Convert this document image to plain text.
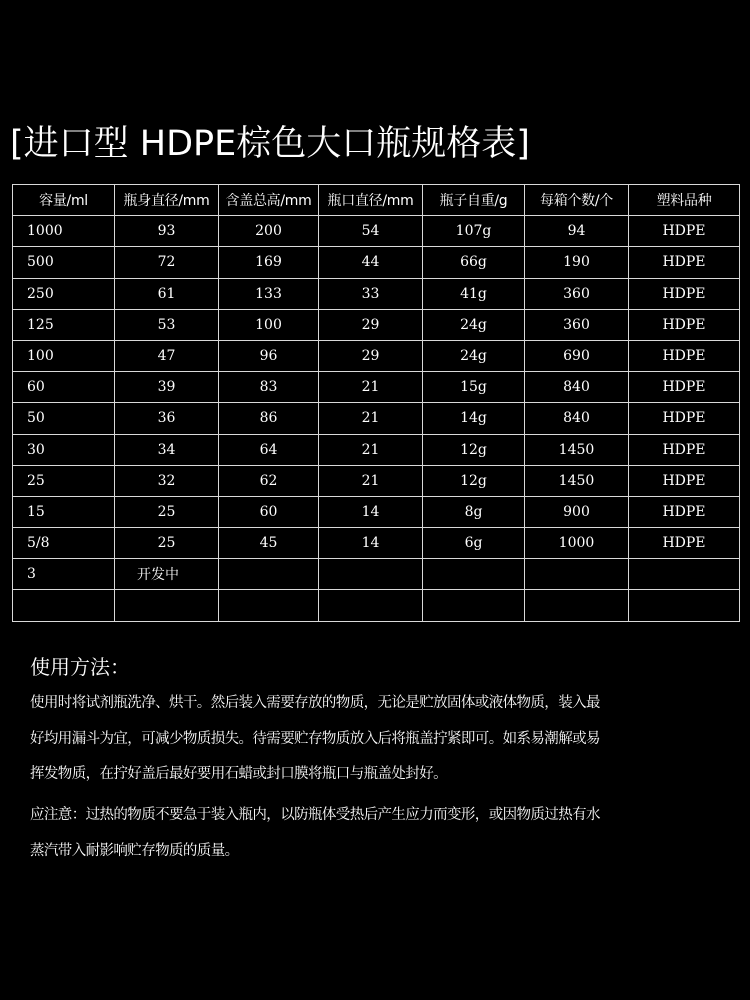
[进口型 HDPE棕色大口瓶规格表]
容量/ml	瓶身直径/mm	含盖总高/mm	瓶口直径/mm	瓶子自重/g	每箱个数/个	塑料品种
1000	93	200	54	107g	94	HDPE
500	72	169	44	66g	190	HDPE
250	61	133	33	41g	360	HDPE
125	53	100	29	24g	360	HDPE
100	47	96	29	24g	690	HDPE
60	39	83	21	15g	840	HDPE
50	36	86	21	14g	840	HDPE
30	34	64	21	12g	1450	HDPE
25	32	62	21	12g	1450	HDPE
15	25	60	14	8g	900	HDPE
5/8	25	45	14	6g	1000	HDPE
3	开发中					

使用方法：

使用时将试剂瓶洗净、烘干。然后装入需要存放的物质，无论是贮放固体或液体物质，装入最
好均用漏斗为宜，可减少物质损失。待需要贮存物质放入后将瓶盖拧紧即可。如系易潮解或易
挥发物质，在拧好盖后最好要用石蜡或封口膜将瓶口与瓶盖处封好。

应注意：过热的物质不要急于装入瓶内，以防瓶体受热后产生应力而变形，或因物质过热有水
蒸汽带入耐影响贮存物质的质量。
